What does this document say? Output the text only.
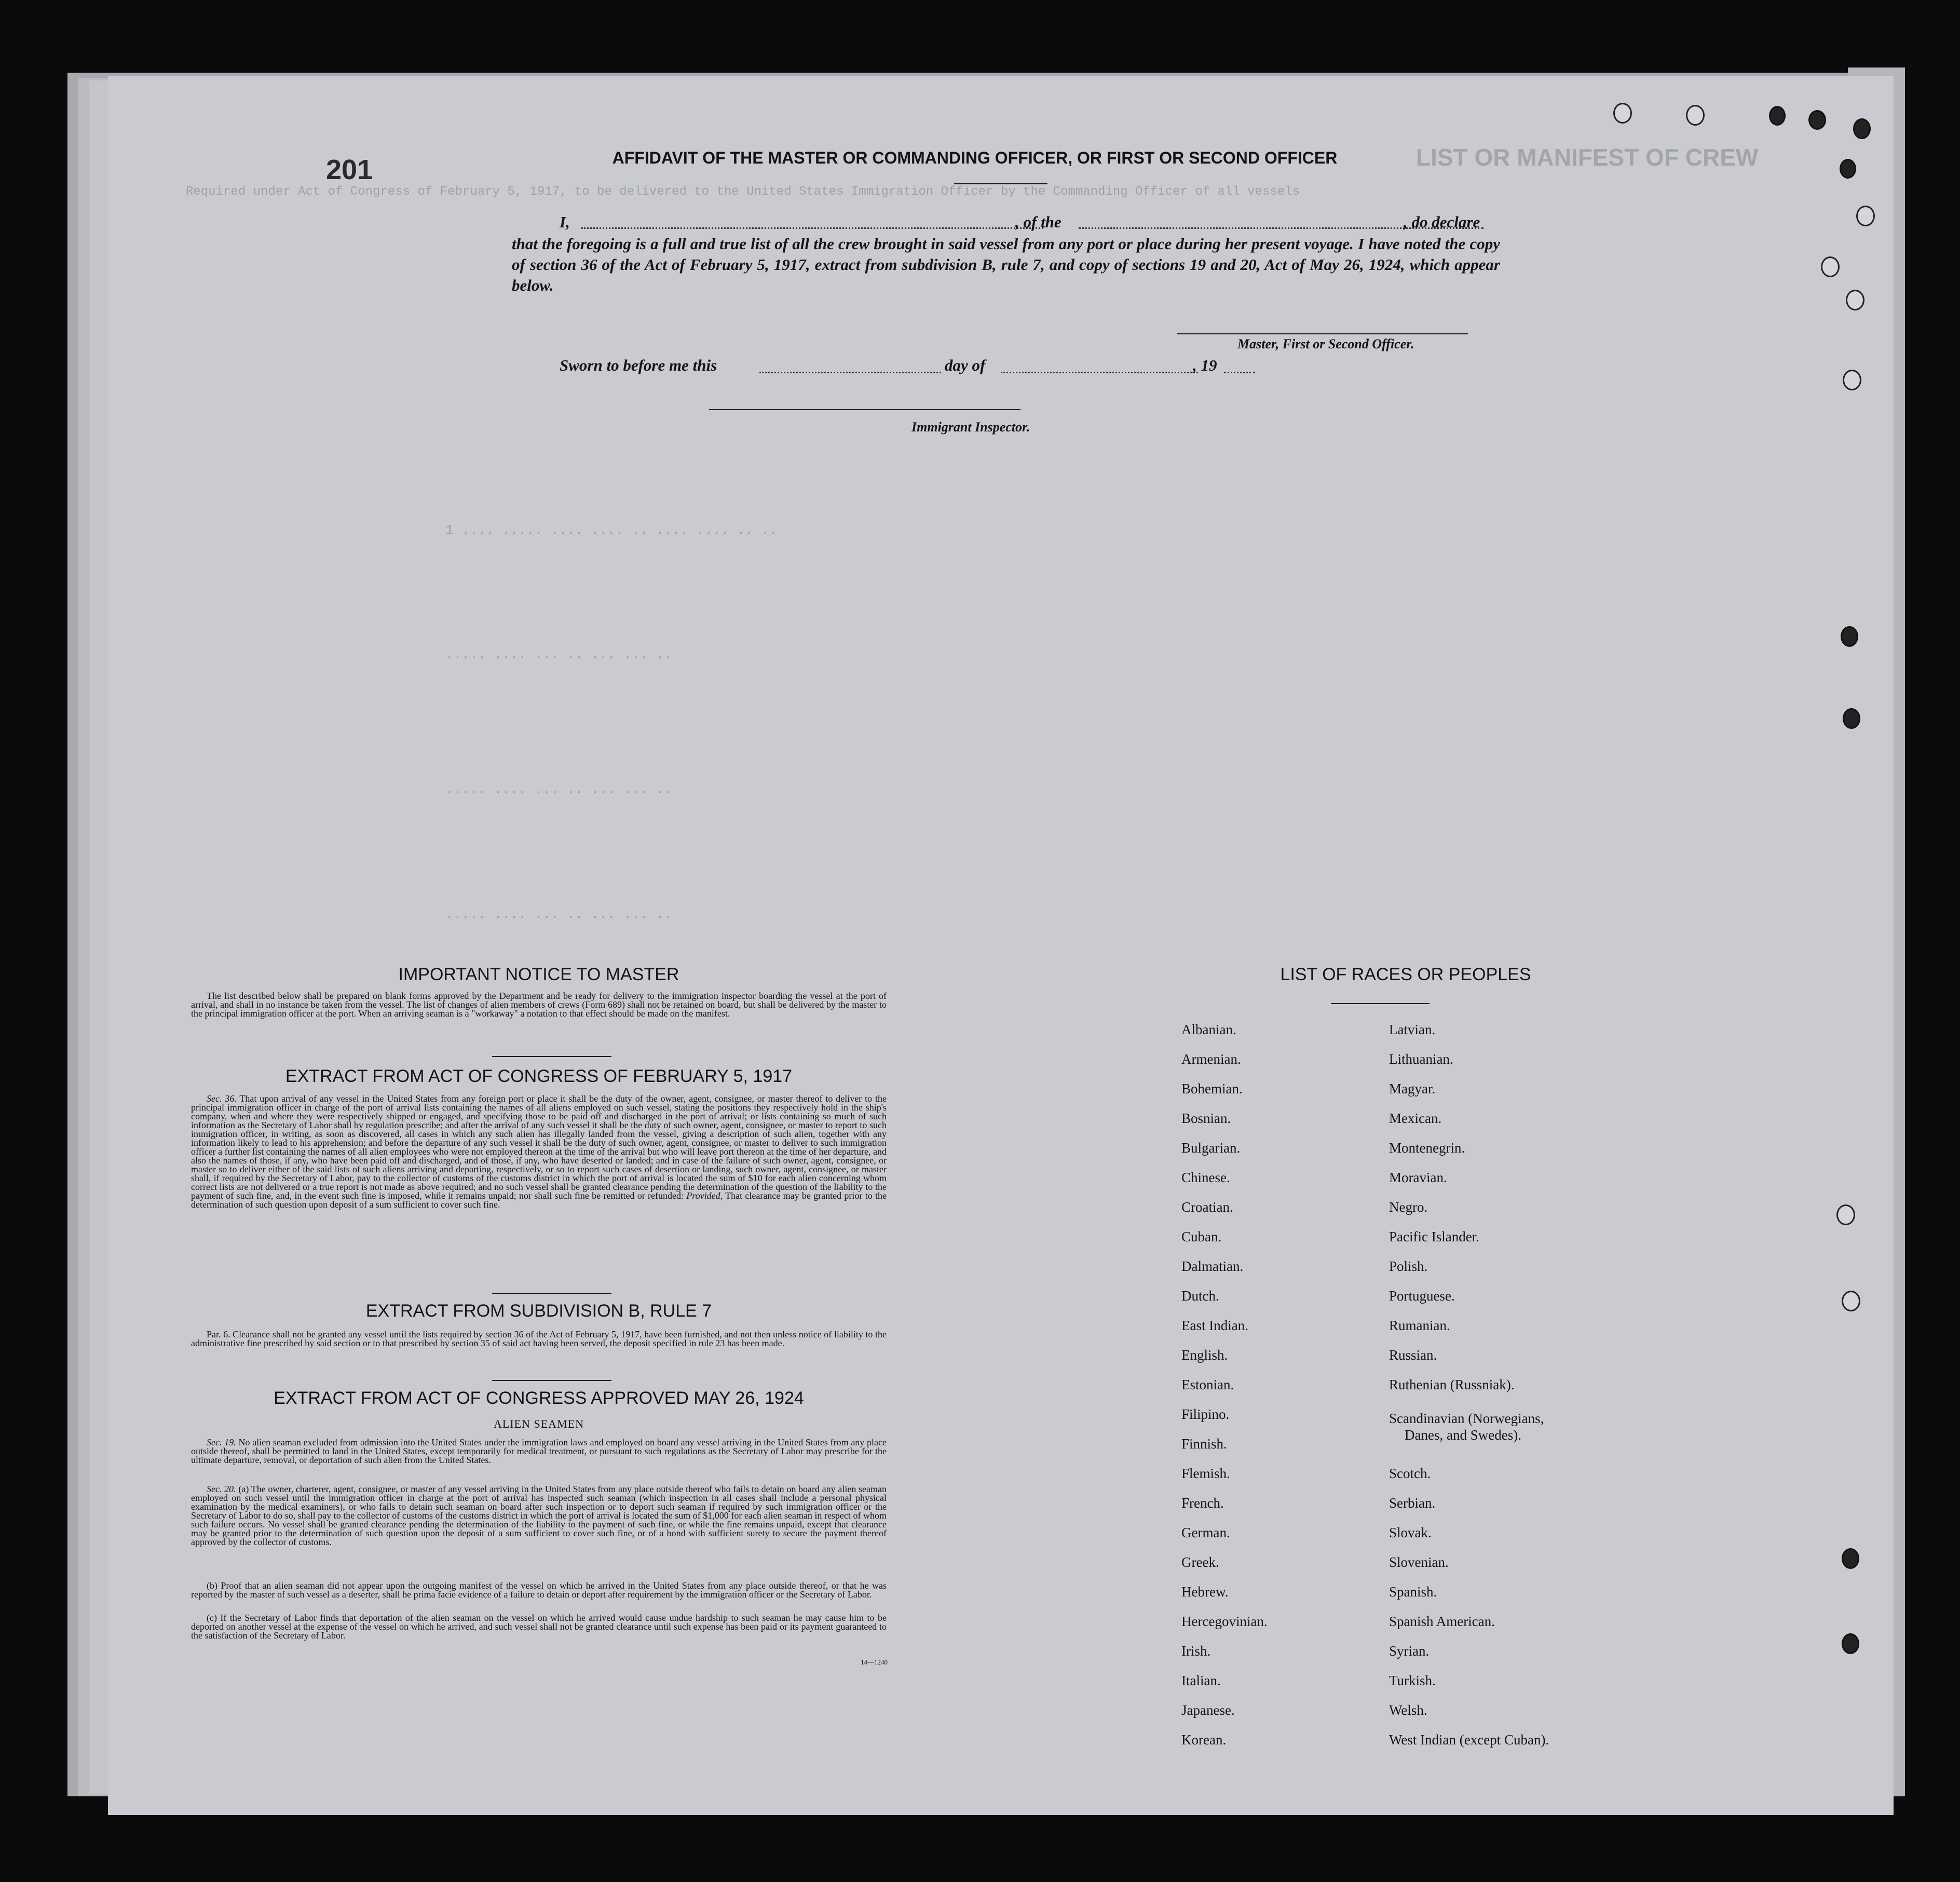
LIST OR MANIFEST OF CREW
Required under Act of Congress of February 5, 1917, to be delivered to the United States Immigration Officer by the Commanding Officer of all vessels
1 .... ..... .... .... .. .... .... .. ..
..... .... ... .. ... ... ..
..... .... ... .. ... ... ..
..... .... ... .. ... ... ..
201	AFFIDAVIT OF THE MASTER OR COMMANDING OFFICER, OR FIRST OR SECOND OFFICER
I,	, of the	, do declare
that the foregoing is a full and true list of all the crew brought in said vessel from any port or place during her present voyage. I have noted the copy of section 36 of the Act of February 5, 1917, extract from subdivision B, rule 7, and copy of sections 19 and 20, Act of May 26, 1924, which appear below.
Master, First or Second Officer.
Sworn to before me this	day of	, 19
Immigrant Inspector.
IMPORTANT NOTICE TO MASTER
The list described below shall be prepared on blank forms approved by the Department and be ready for delivery to the immigration inspector boarding the vessel at the port of arrival, and shall in no instance be taken from the vessel. The list of changes of alien members of crews (Form 689) shall not be retained on board, but shall be delivered by the master to the principal immigration officer at the port. When an arriving seaman is a "workaway" a notation to that effect should be made on the manifest.
EXTRACT FROM ACT OF CONGRESS OF FEBRUARY 5, 1917
Sec. 36. That upon arrival of any vessel in the United States from any foreign port or place it shall be the duty of the owner, agent, consignee, or master thereof to deliver to the principal immigration officer in charge of the port of arrival lists containing the names of all aliens employed on such vessel, stating the positions they respectively hold in the ship's company, when and where they were respectively shipped or engaged, and specifying those to be paid off and discharged in the port of arrival; or lists containing so much of such information as the Secretary of Labor shall by regulation prescribe; and after the arrival of any such vessel it shall be the duty of such owner, agent, consignee, or master to report to such immigration officer, in writing, as soon as discovered, all cases in which any such alien has illegally landed from the vessel, giving a description of such alien, together with any information likely to lead to his apprehension; and before the departure of any such vessel it shall be the duty of such owner, agent, consignee, or master to deliver to such immigration officer a further list containing the names of all alien employees who were not employed thereon at the time of the arrival but who will leave port thereon at the time of her departure, and also the names of those, if any, who have been paid off and discharged, and of those, if any, who have deserted or landed; and in case of the failure of such owner, agent, consignee, or master so to deliver either of the said lists of such aliens arriving and departing, respectively, or so to report such cases of desertion or landing, such owner, agent, consignee, or master shall, if required by the Secretary of Labor, pay to the collector of customs of the customs district in which the port of arrival is located the sum of $10 for each alien concerning whom correct lists are not delivered or a true report is not made as above required; and no such vessel shall be granted clearance pending the determination of the question of the liability to the payment of such fine, and, in the event such fine is imposed, while it remains unpaid; nor shall such fine be remitted or refunded: Provided, That clearance may be granted prior to the determination of such question upon deposit of a sum sufficient to cover such fine.
EXTRACT FROM SUBDIVISION B, RULE 7
Par. 6. Clearance shall not be granted any vessel until the lists required by section 36 of the Act of February 5, 1917, have been furnished, and not then unless notice of liability to the administrative fine prescribed by said section or to that prescribed by section 35 of said act having been served, the deposit specified in rule 23 has been made.
EXTRACT FROM ACT OF CONGRESS APPROVED MAY 26, 1924
ALIEN SEAMEN
Sec. 19. No alien seaman excluded from admission into the United States under the immigration laws and employed on board any vessel arriving in the United States from any place outside thereof, shall be permitted to land in the United States, except temporarily for medical treatment, or pursuant to such regulations as the Secretary of Labor may prescribe for the ultimate departure, removal, or deportation of such alien from the United States.
Sec. 20. (a) The owner, charterer, agent, consignee, or master of any vessel arriving in the United States from any place outside thereof who fails to detain on board any alien seaman employed on such vessel until the immigration officer in charge at the port of arrival has inspected such seaman (which inspection in all cases shall include a personal physical examination by the medical examiners), or who fails to detain such seaman on board after such inspection or to deport such seaman if required by such immigration officer or the Secretary of Labor to do so, shall pay to the collector of customs of the customs district in which the port of arrival is located the sum of $1,000 for each alien seaman in respect of whom such failure occurs. No vessel shall be granted clearance pending the determination of the liability to the payment of such fine, or while the fine remains unpaid, except that clearance may be granted prior to the determination of such question upon the deposit of a sum sufficient to cover such fine, or of a bond with sufficient surety to secure the payment thereof approved by the collector of customs.
(b) Proof that an alien seaman did not appear upon the outgoing manifest of the vessel on which he arrived in the United States from any place outside thereof, or that he was reported by the master of such vessel as a deserter, shall be prima facie evidence of a failure to detain or deport after requirement by the immigration officer or the Secretary of Labor.
(c) If the Secretary of Labor finds that deportation of the alien seaman on the vessel on which he arrived would cause undue hardship to such seaman he may cause him to be deported on another vessel at the expense of the vessel on which he arrived, and such vessel shall not be granted clearance until such expense has been paid or its payment guaranteed to the satisfaction of the Secretary of Labor.
14—1240
LIST OF RACES OR PEOPLES
Albanian.
Armenian.
Bohemian.
Bosnian.
Bulgarian.
Chinese.
Croatian.
Cuban.
Dalmatian.
Dutch.
East Indian.
English.
Estonian.
Filipino.
Finnish.
Flemish.
French.
German.
Greek.
Hebrew.
Hercegovinian.
Irish.
Italian.
Japanese.
Korean.
Latvian.
Lithuanian.
Magyar.
Mexican.
Montenegrin.
Moravian.
Negro.
Pacific Islander.
Polish.
Portuguese.
Rumanian.
Russian.
Ruthenian (Russniak).
Scandinavian (Norwegians,
Danes, and Swedes).
Scotch.
Serbian.
Slovak.
Slovenian.
Spanish.
Spanish American.
Syrian.
Turkish.
Welsh.
West Indian (except Cuban).
